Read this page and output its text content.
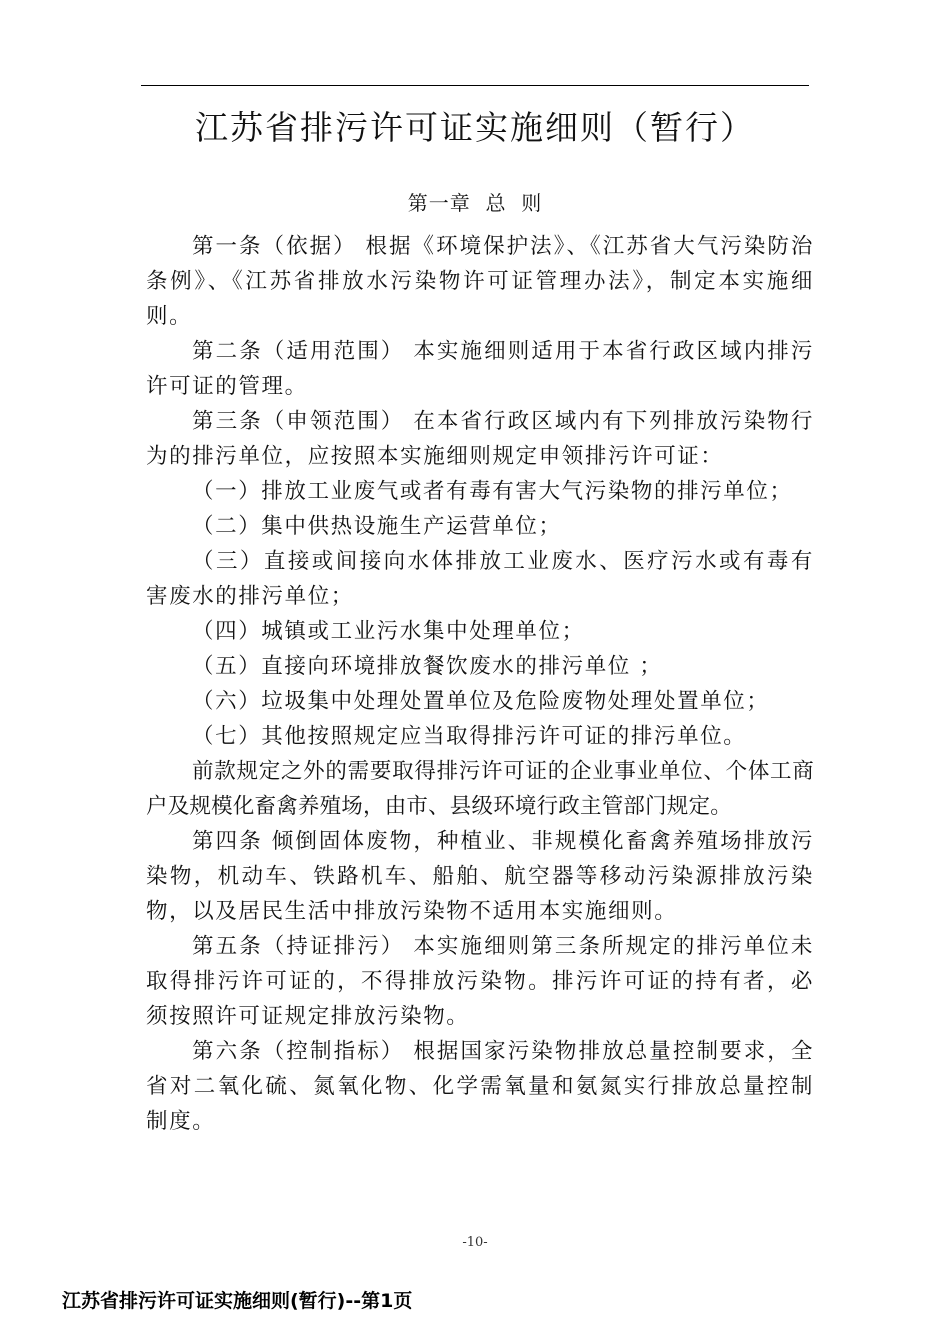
江苏省排污许可证实施细则（暂行）
第一章  总  则

第一条（依据） 根据《环境保护法》、《江苏省大气污染防治条例》、《江苏省排放水污染物许可证管理办法》，制定本实施细则。

第二条（适用范围） 本实施细则适用于本省行政区域内排污许可证的管理。

第三条（申领范围） 在本省行政区域内有下列排放污染物行为的排污单位，应按照本实施细则规定申领排污许可证：

（一）排放工业废气或者有毒有害大气污染物的排污单位；

（二）集中供热设施生产运营单位；

（三）直接或间接向水体排放工业废水、医疗污水或有毒有害废水的排污单位；

（四）城镇或工业污水集中处理单位；

（五）直接向环境排放餐饮废水的排污单位 ；

（六）垃圾集中处理处置单位及危险废物处理处置单位；

（七）其他按照规定应当取得排污许可证的排污单位。

前款规定之外的需要取得排污许可证的企业事业单位、个体工商户及规模化畜禽养殖场，由市、县级环境行政主管部门规定。

第四条 倾倒固体废物，种植业、非规模化畜禽养殖场排放污染物，机动车、铁路机车、船舶、航空器等移动污染源排放污染物，以及居民生活中排放污染物不适用本实施细则。

第五条（持证排污） 本实施细则第三条所规定的排污单位未取得排污许可证的，不得排放污染物。排污许可证的持有者，必须按照许可证规定排放污染物。

第六条（控制指标） 根据国家污染物排放总量控制要求，全省对二氧化硫、氮氧化物、化学需氧量和氨氮实行排放总量控制制度。

-10-
江苏省排污许可证实施细则(暂行)--第1页
